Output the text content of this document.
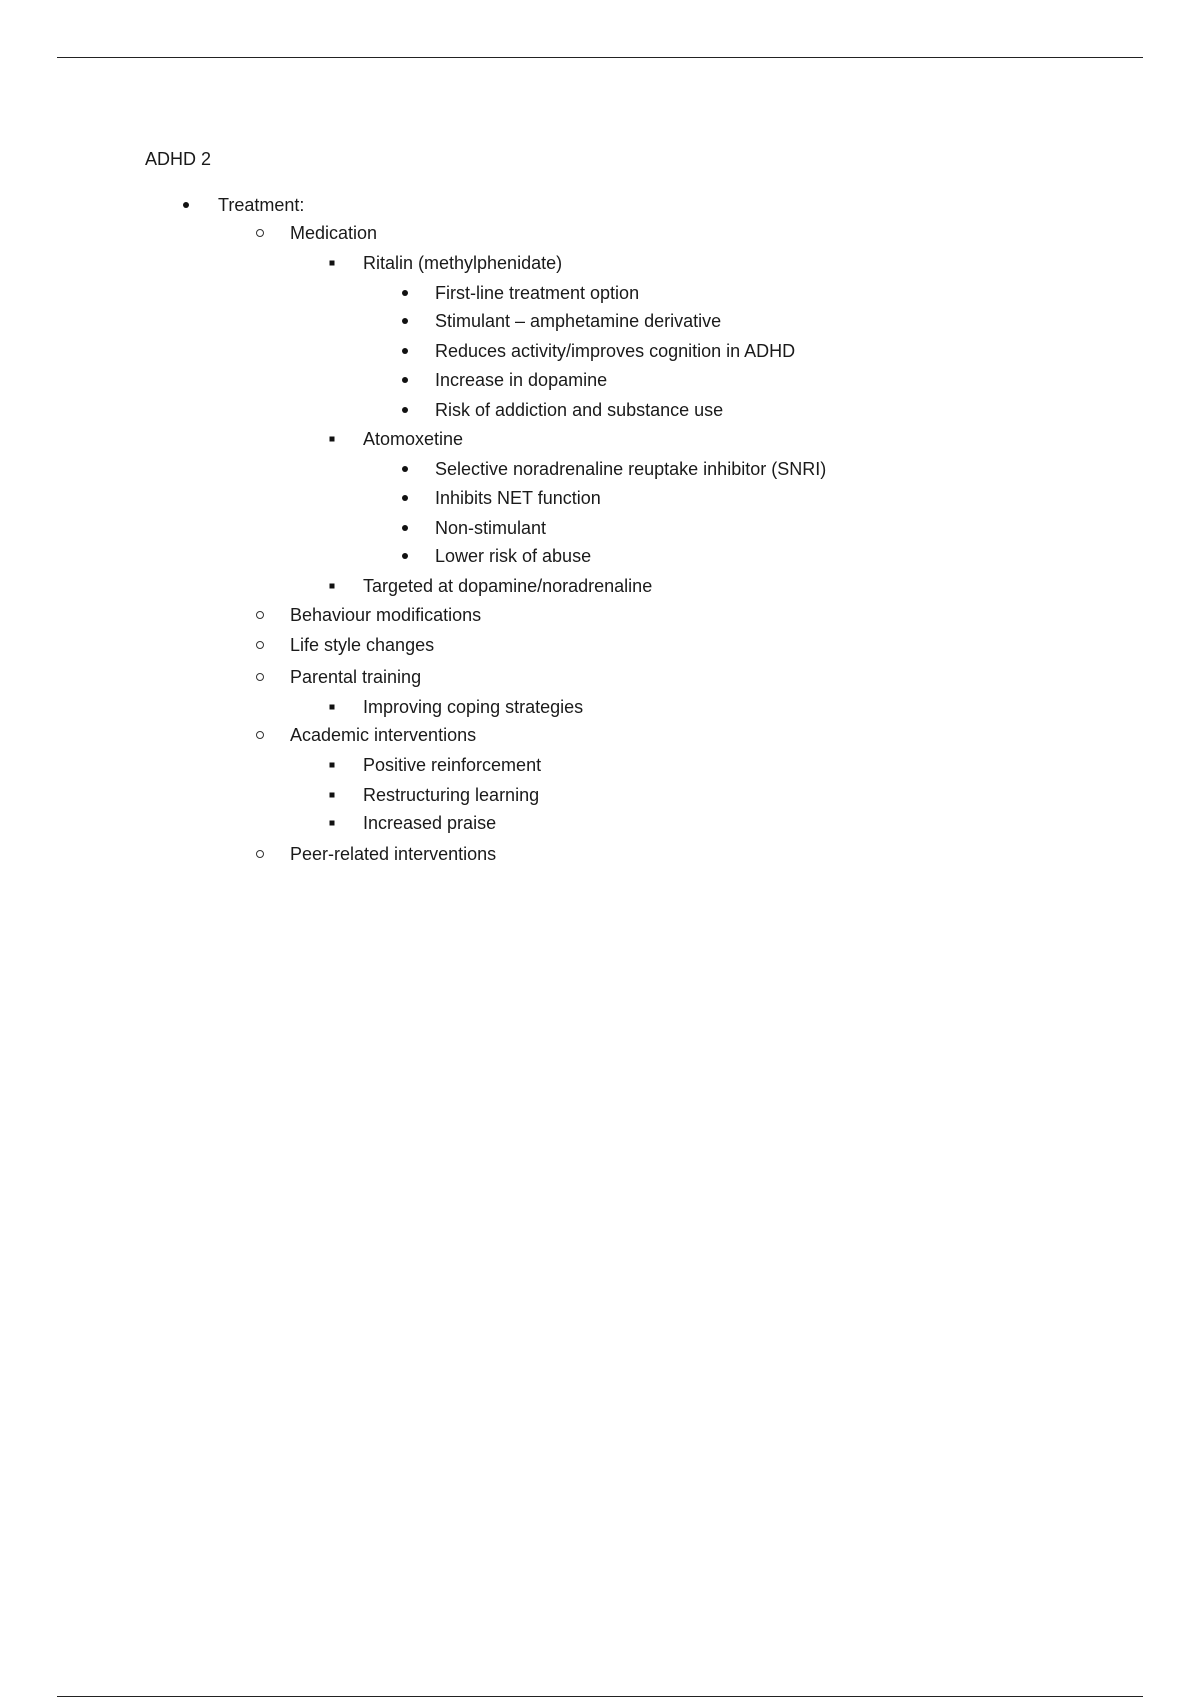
ADHD 2
Treatment:
Medication
Ritalin (methylphenidate)
First-line treatment option
Stimulant – amphetamine derivative
Reduces activity/improves cognition in ADHD
Increase in dopamine
Risk of addiction and substance use
Atomoxetine
Selective noradrenaline reuptake inhibitor (SNRI)
Inhibits NET function
Non-stimulant
Lower risk of abuse
Targeted at dopamine/noradrenaline
Behaviour modifications
Life style changes
Parental training
Improving coping strategies
Academic interventions
Positive reinforcement
Restructuring learning
Increased praise
Peer-related interventions
